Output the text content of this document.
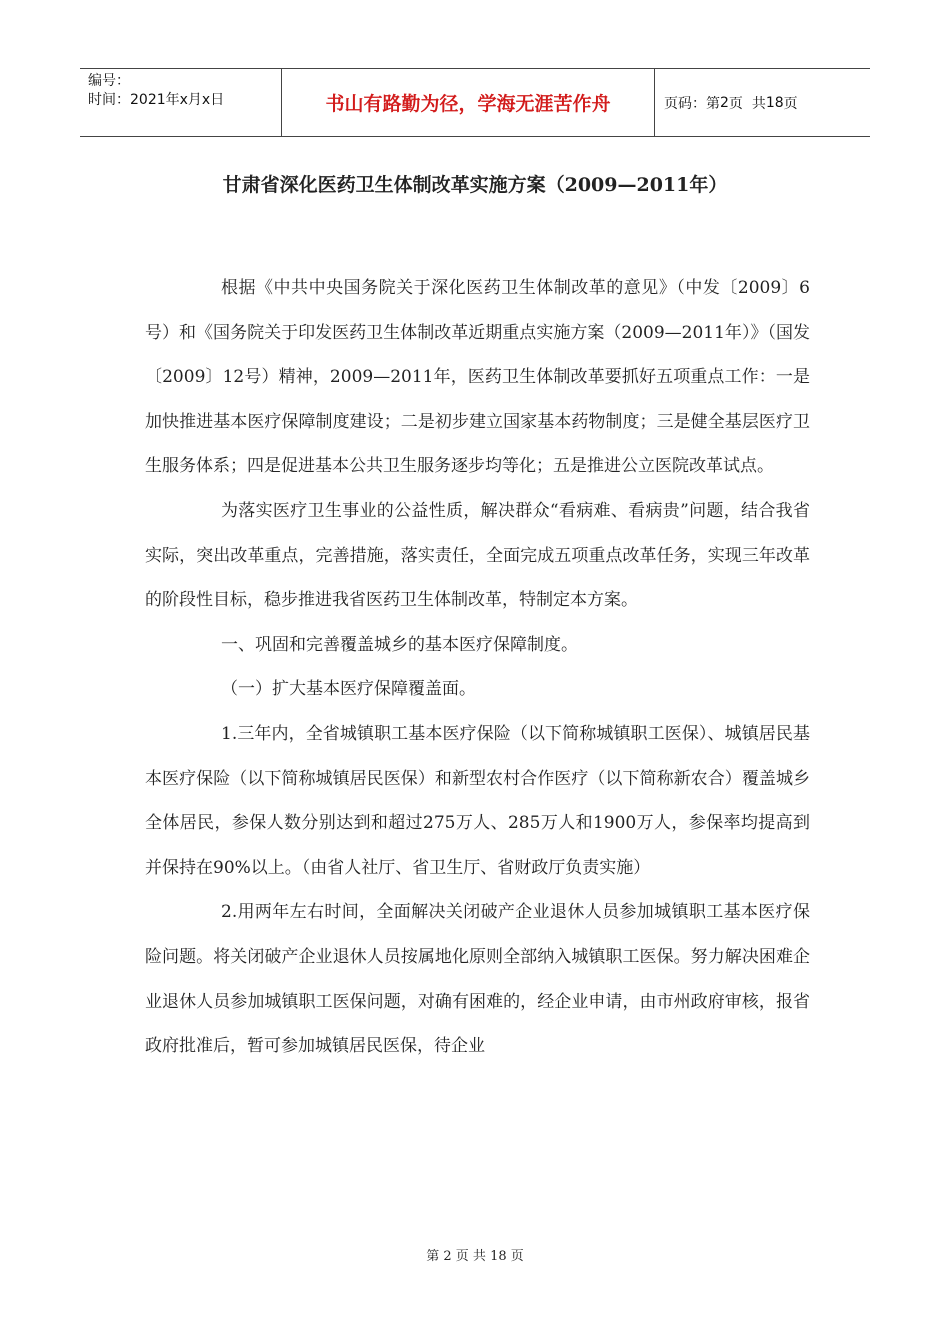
编号：
时间：2021年x月x日	书山有路勤为径，学海无涯苦作舟	页码：第 2 页  共 18 页
甘肃省深化医药卫生体制改革实施方案（2009—2011年）

根据《中共中央国务院关于深化医药卫生体制改革的意见》（中发〔2009〕6号）和《国务院关于印发医药卫生体制改革近期重点实施方案（2009—2011年）》（国发〔2009〕12号）精神，2009—2011年，医药卫生体制改革要抓好五项重点工作：一是加快推进基本医疗保障制度建设；二是初步建立国家基本药物制度；三是健全基层医疗卫生服务体系；四是促进基本公共卫生服务逐步均等化；五是推进公立医院改革试点。

为落实医疗卫生事业的公益性质，解决群众“看病难、看病贵”问题，结合我省实际，突出改革重点，完善措施，落实责任，全面完成五项重点改革任务，实现三年改革的阶段性目标，稳步推进我省医药卫生体制改革，特制定本方案。

一、巩固和完善覆盖城乡的基本医疗保障制度。

（一）扩大基本医疗保障覆盖面。

1.三年内，全省城镇职工基本医疗保险（以下简称城镇职工医保）、城镇居民基本医疗保险（以下简称城镇居民医保）和新型农村合作医疗（以下简称新农合）覆盖城乡全体居民，参保人数分别达到和超过275万人、285万人和1900万人，参保率均提高到并保持在90%以上。（由省人社厅、省卫生厅、省财政厅负责实施）

2.用两年左右时间，全面解决关闭破产企业退休人员参加城镇职工基本医疗保险问题。将关闭破产企业退休人员按属地化原则全部纳入城镇职工医保。努力解决困难企业退休人员参加城镇职工医保问题，对确有困难的，经企业申请，由市州政府审核，报省政府批准后，暂可参加城镇居民医保，待企业

第 2 页 共 18 页
